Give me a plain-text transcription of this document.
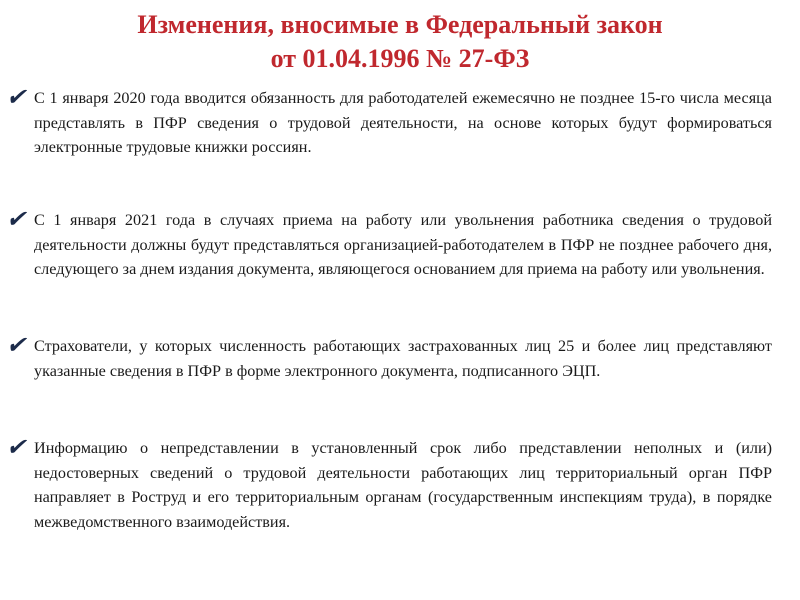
Изменения, вносимые в Федеральный закон
от 01.04.1996 № 27-ФЗ
✔ С 1 января 2020 года вводится обязанность для работодателей ежемесячно не позднее 15-го числа месяца представлять в ПФР сведения о трудовой деятельности, на основе которых будут формироваться электронные трудовые книжки россиян.
✔ С 1 января 2021 года в случаях приема на работу или увольнения работника сведения о трудовой деятельности должны будут представляться организацией-работодателем в ПФР не позднее рабочего дня, следующего за днем издания документа, являющегося основанием для приема на работу или увольнения.
✔ Страхователи, у которых численность работающих застрахованных лиц 25 и более лиц представляют указанные сведения в ПФР в форме электронного документа, подписанного ЭЦП.
✔ Информацию о непредставлении в установленный срок либо представлении неполных и (или) недостоверных сведений о трудовой деятельности работающих лиц территориальный орган ПФР направляет в Роструд и его территориальным органам (государственным инспекциям труда), в порядке межведомственного взаимодействия.
